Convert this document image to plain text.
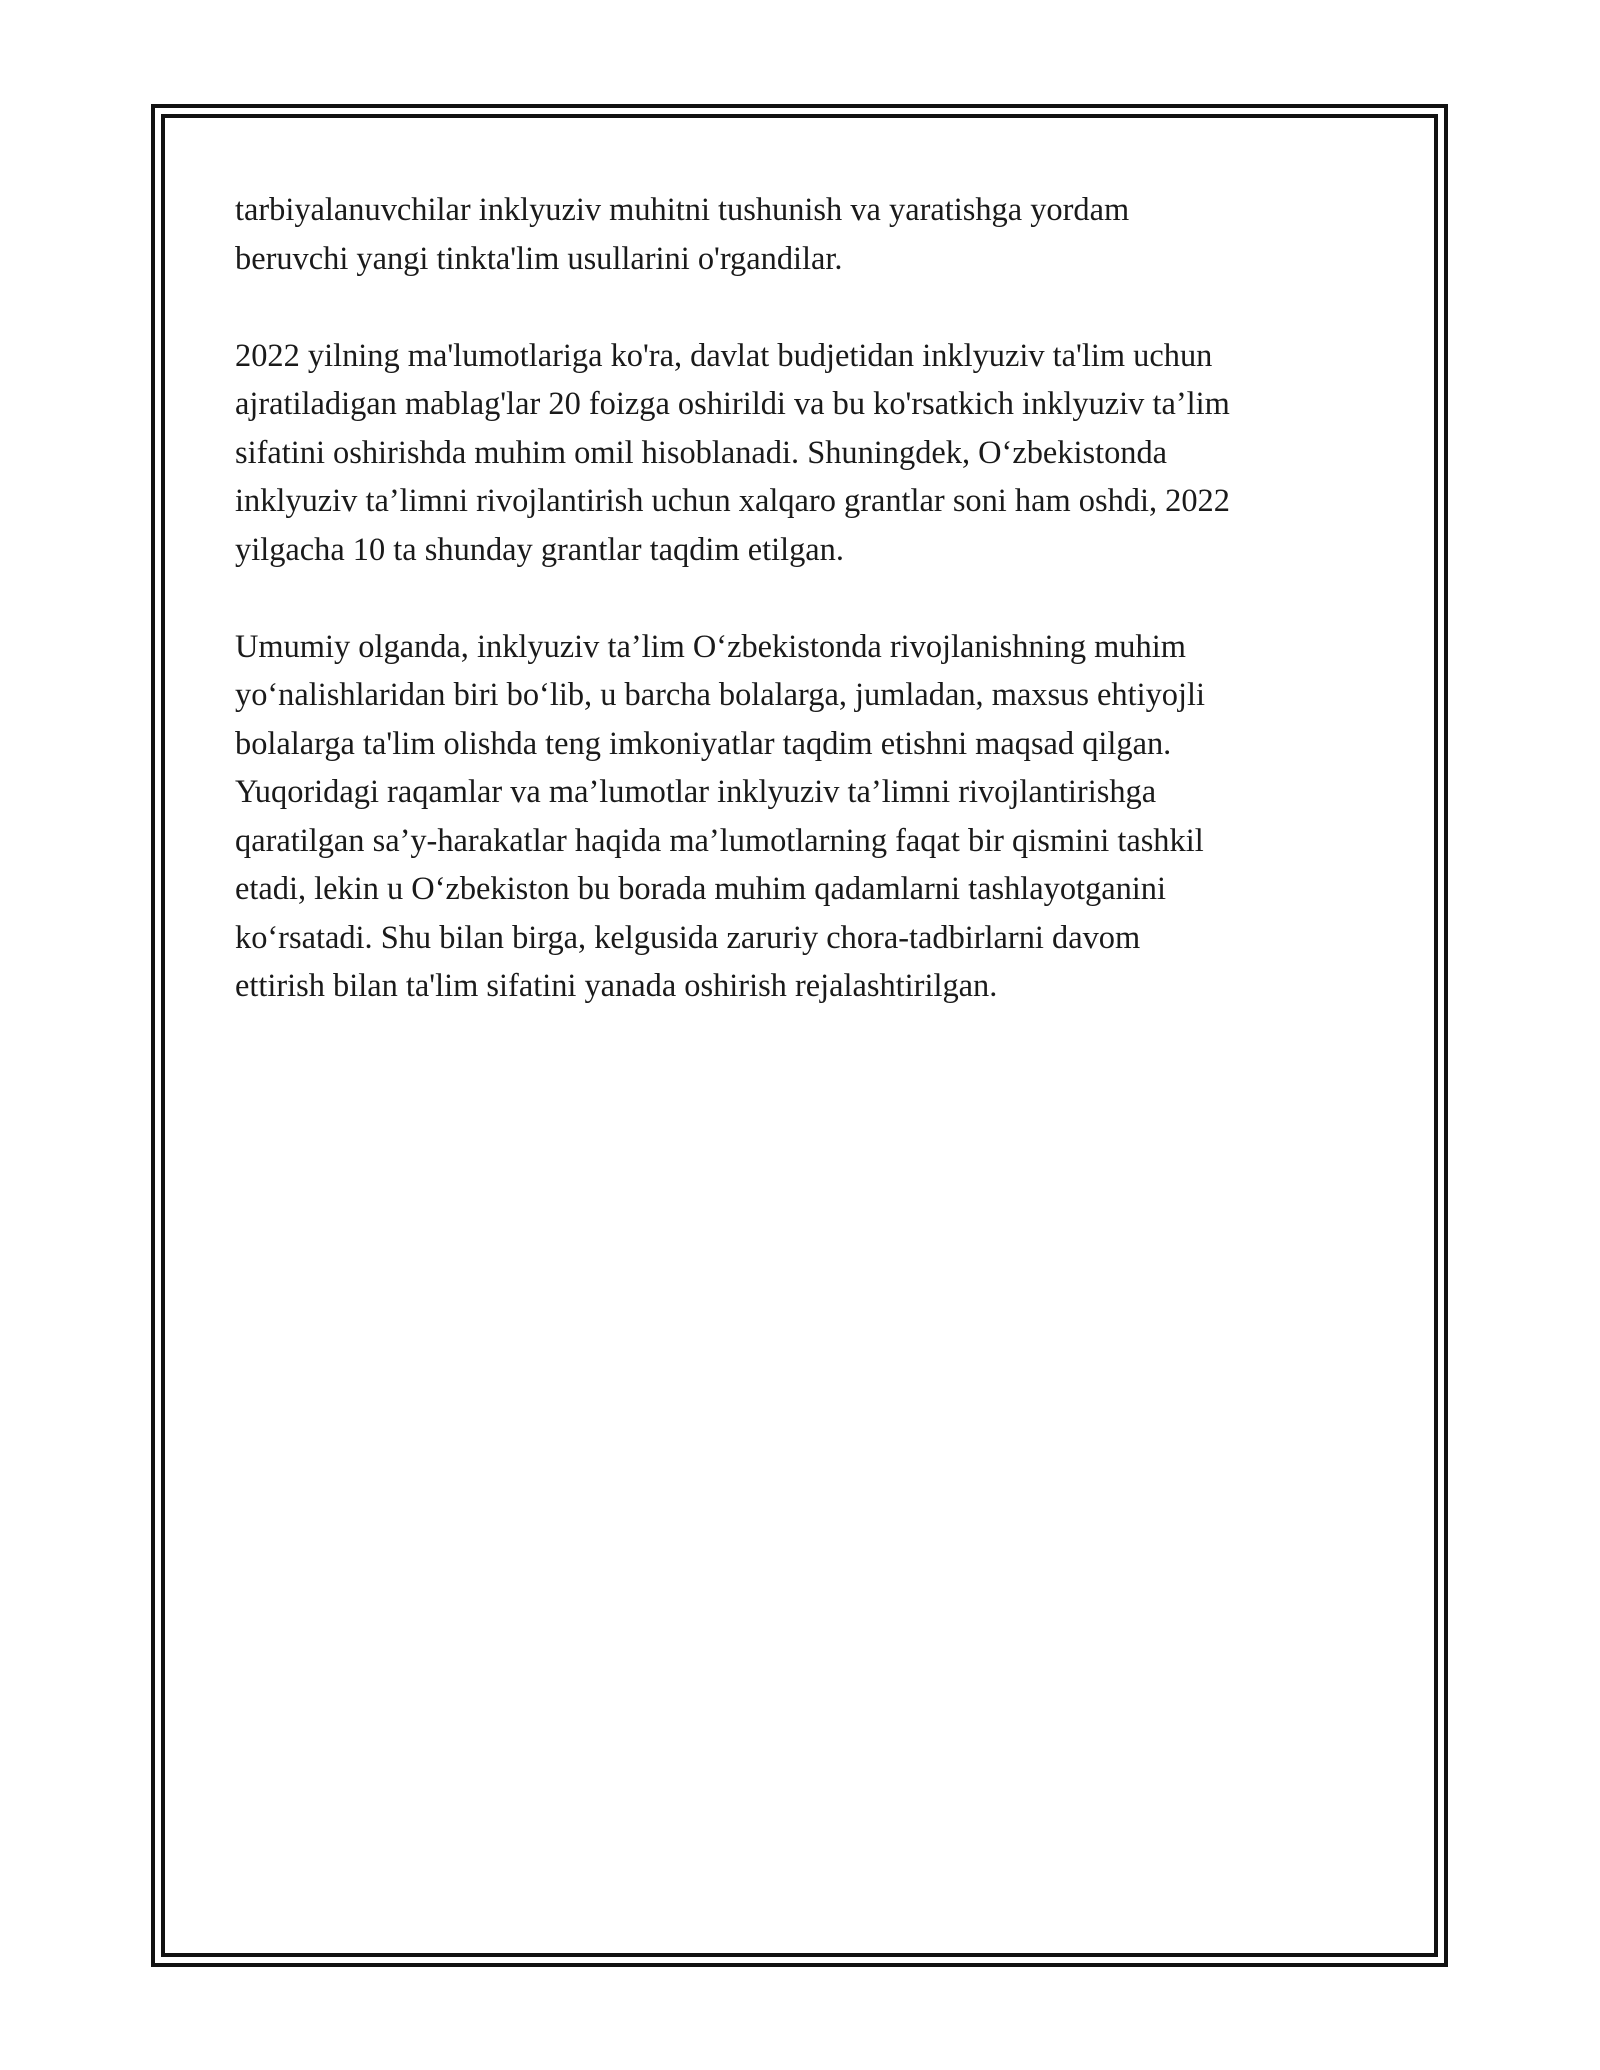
tarbiyalanuvchilar inklyuziv muhitni tushunish va yaratishga yordam
beruvchi yangi tinkta'lim usullarini o'rgandilar.

2022 yilning ma'lumotlariga ko'ra, davlat budjetidan inklyuziv ta'lim uchun
ajratiladigan mablag'lar 20 foizga oshirildi va bu ko'rsatkich inklyuziv ta’lim
sifatini oshirishda muhim omil hisoblanadi. Shuningdek, O‘zbekistonda
inklyuziv ta’limni rivojlantirish uchun xalqaro grantlar soni ham oshdi, 2022
yilgacha 10 ta shunday grantlar taqdim etilgan.

Umumiy olganda, inklyuziv ta’lim O‘zbekistonda rivojlanishning muhim
yo‘nalishlaridan biri bo‘lib, u barcha bolalarga, jumladan, maxsus ehtiyojli
bolalarga ta'lim olishda teng imkoniyatlar taqdim etishni maqsad qilgan.
Yuqoridagi raqamlar va ma’lumotlar inklyuziv ta’limni rivojlantirishga
qaratilgan sa’y-harakatlar haqida ma’lumotlarning faqat bir qismini tashkil
etadi, lekin u O‘zbekiston bu borada muhim qadamlarni tashlayotganini
ko‘rsatadi. Shu bilan birga, kelgusida zaruriy chora-tadbirlarni davom
ettirish bilan ta'lim sifatini yanada oshirish rejalashtirilgan.
